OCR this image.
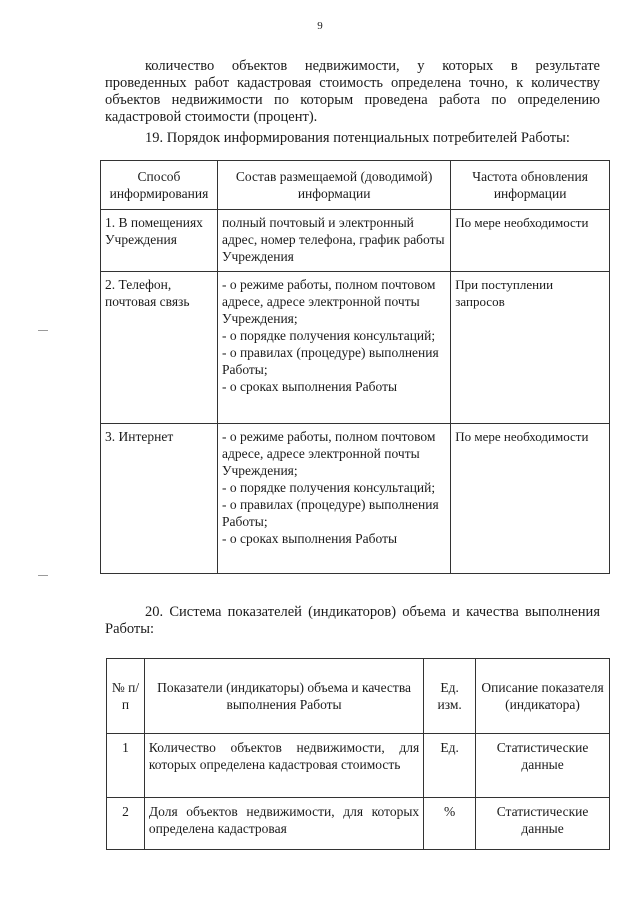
9

количество объектов недвижимости, у которых в результате проведенных работ кадастровая стоимость определена точно, к количеству объектов недвижимости по которым проведена работа по определению кадастровой стоимости (процент).

19. Порядок информирования потенциальных потребителей Работы:
Способ информирования	Состав размещаемой (доводимой) информации	Частота обновления информации
1. В помещениях Учреждения	полный почтовый и электронный адрес, номер телефона, график работы Учреждения	По мере необходимости
2. Телефон, почтовая связь	- о режиме работы, полном почтовом адресе, адресе электронной почты Учреждения;
- о порядке получения консультаций;
- о правилах (процедуре) выполнения Работы;
- о сроках выполнения Работы	При поступлении запросов
3. Интернет	- о режиме работы, полном почтовом адресе, адресе электронной почты Учреждения;
- о порядке получения консультаций;
- о правилах (процедуре) выполнения Работы;
- о сроках выполнения Работы	По мере необходимости

20. Система показателей (индикаторов) объема и качества выполнения Работы:

№ п/п	Показатели (индикаторы) объема и качества выполнения Работы	Ед. изм.	Описание показателя (индикатора)
1	Количество объектов недвижимости, для которых определена кадастровая стоимость	Ед.	Статистические данные
2	Доля объектов недвижимости, для которых определена кадастровая	%	Статистические данные
